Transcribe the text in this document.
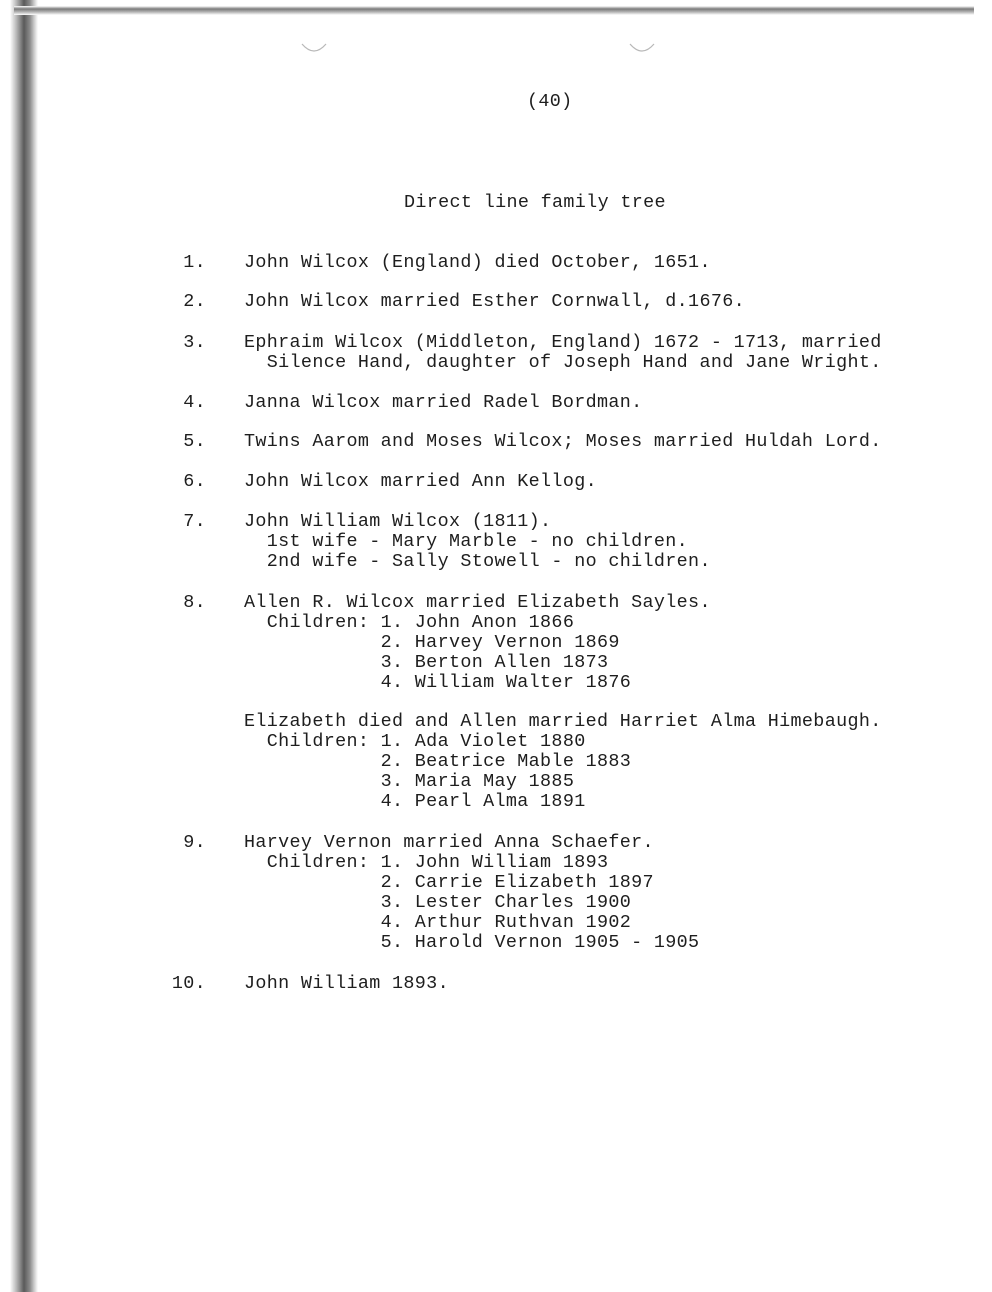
(40)
Direct line family tree
1. John Wilcox (England) died October, 1651.
2. John Wilcox married Esther Cornwall, d.1676.
3. Ephraim Wilcox (Middleton, England) 1672 - 1713, married
Silence Hand, daughter of Joseph Hand and Jane Wright.
4. Janna Wilcox married Radel Bordman.
5. Twins Aarom and Moses Wilcox; Moses married Huldah Lord.
6. John Wilcox married Ann Kellog.
7. John William Wilcox (1811).
1st wife - Mary Marble - no children.
2nd wife - Sally Stowell - no children.
8. Allen R. Wilcox married Elizabeth Sayles.
Children: 1. John Anon 1866
2. Harvey Vernon 1869
3. Berton Allen 1873
4. William Walter 1876
Elizabeth died and Allen married Harriet Alma Himebaugh.
Children: 1. Ada Violet 1880
2. Beatrice Mable 1883
3. Maria May 1885
4. Pearl Alma 1891
9. Harvey Vernon married Anna Schaefer.
Children: 1. John William 1893
2. Carrie Elizabeth 1897
3. Lester Charles 1900
4. Arthur Ruthvan 1902
5. Harold Vernon 1905 - 1905
10. John William 1893.
